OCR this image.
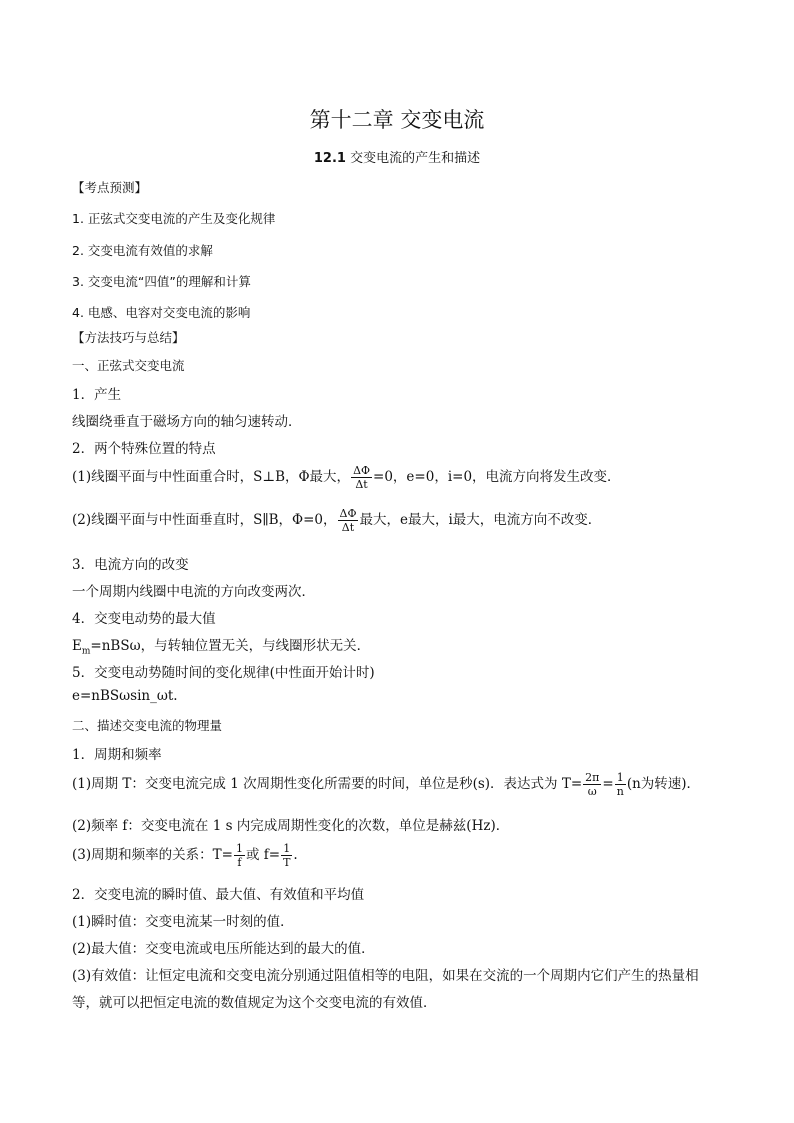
第十二章 交变电流
12.1 交变电流的产生和描述
【考点预测】
1. 正弦式交变电流的产生及变化规律
2. 交变电流有效值的求解
3. 交变电流“四值”的理解和计算
4. 电感、电容对交变电流的影响
【方法技巧与总结】
一、正弦式交变电流
1．产生
线圈绕垂直于磁场方向的轴匀速转动．
2．两个特殊位置的特点
(1)线圈平面与中性面重合时，S⊥B，Φ最大， $\frac{\Delta\Phi}{\Delta t} =0$，e=0，i=0，电流方向将发生改变．
(2)线圈平面与中性面垂直时，S∥B，Φ=0， $\frac{\Delta\Phi}{\Delta t}$ 最大，e最大，i最大，电流方向不改变．
3．电流方向的改变
一个周期内线圈中电流的方向改变两次．
4．交变电动势的最大值
$E_m=nBS\omega$，与转轴位置无关，与线圈形状无关．
5．交变电动势随时间的变化规律(中性面开始计时)
e=nBSωsin_ωt.
二、描述交变电流的物理量
1．周期和频率
(1)周期 T：交变电流完成 1 次周期性变化所需要的时间，单位是秒(s)．表达式为 $T= \frac{2\pi}{\omega} = \frac{1}{n} (n$为转速)．
(2)频率 f：交变电流在 1 s 内完成周期性变化的次数，单位是赫兹(Hz)．
(3)周期和频率的关系：$T= \frac{1}{f}$ 或 $f= \frac{1}{T}$ .
2．交变电流的瞬时值、最大值、有效值和平均值
(1)瞬时值：交变电流某一时刻的值．
(2)最大值：交变电流或电压所能达到的最大的值．
(3)有效值：让恒定电流和交变电流分别通过阻值相等的电阻，如果在交流的一个周期内它们产生的热量相
等，就可以把恒定电流的数值规定为这个交变电流的有效值．
